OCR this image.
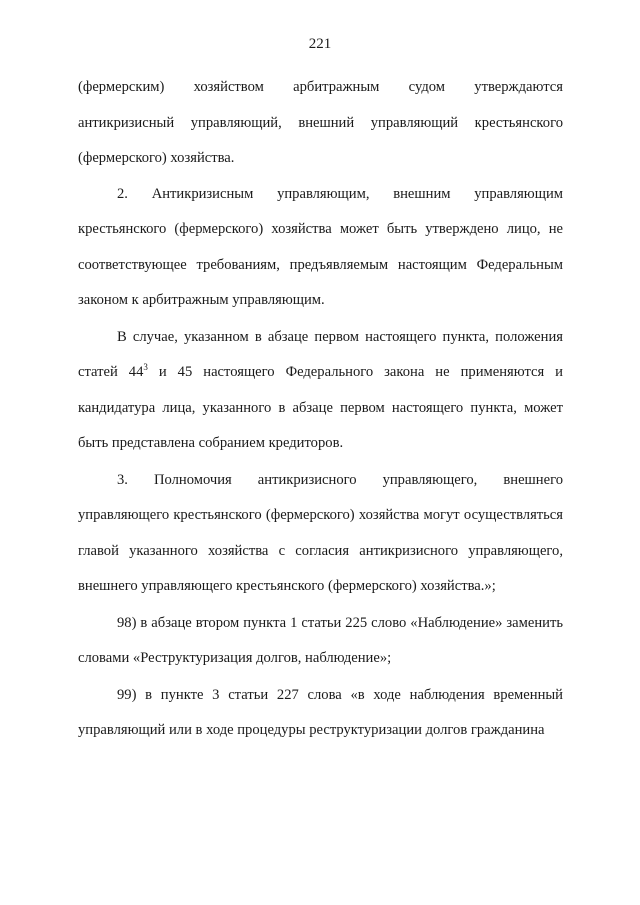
221
(фермерским) хозяйством арбитражным судом утверждаются
антикризисный управляющий, внешний управляющий крестьянского
(фермерского) хозяйства.

2. Антикризисным управляющим, внешним управляющим крестьянского (фермерского) хозяйства может быть утверждено лицо, не соответствующее требованиям, предъявляемым настоящим Федеральным законом к арбитражным управляющим.

В случае, указанном в абзаце первом настоящего пункта, положения статей $44^3$ и 45 настоящего Федерального закона не применяются и кандидатура лица, указанного в абзаце первом настоящего пункта, может быть представлена собранием кредиторов.

3. Полномочия антикризисного управляющего, внешнего управляющего крестьянского (фермерского) хозяйства могут осуществляться главой указанного хозяйства с согласия антикризисного управляющего, внешнего управляющего крестьянского (фермерского) хозяйства.»;

98) в абзаце втором пункта 1 статьи 225 слово «Наблюдение» заменить словами «Реструктуризация долгов, наблюдение»;

99) в пункте 3 статьи 227 слова «в ходе наблюдения временный управляющий или в ходе процедуры реструктуризации долгов гражданина
